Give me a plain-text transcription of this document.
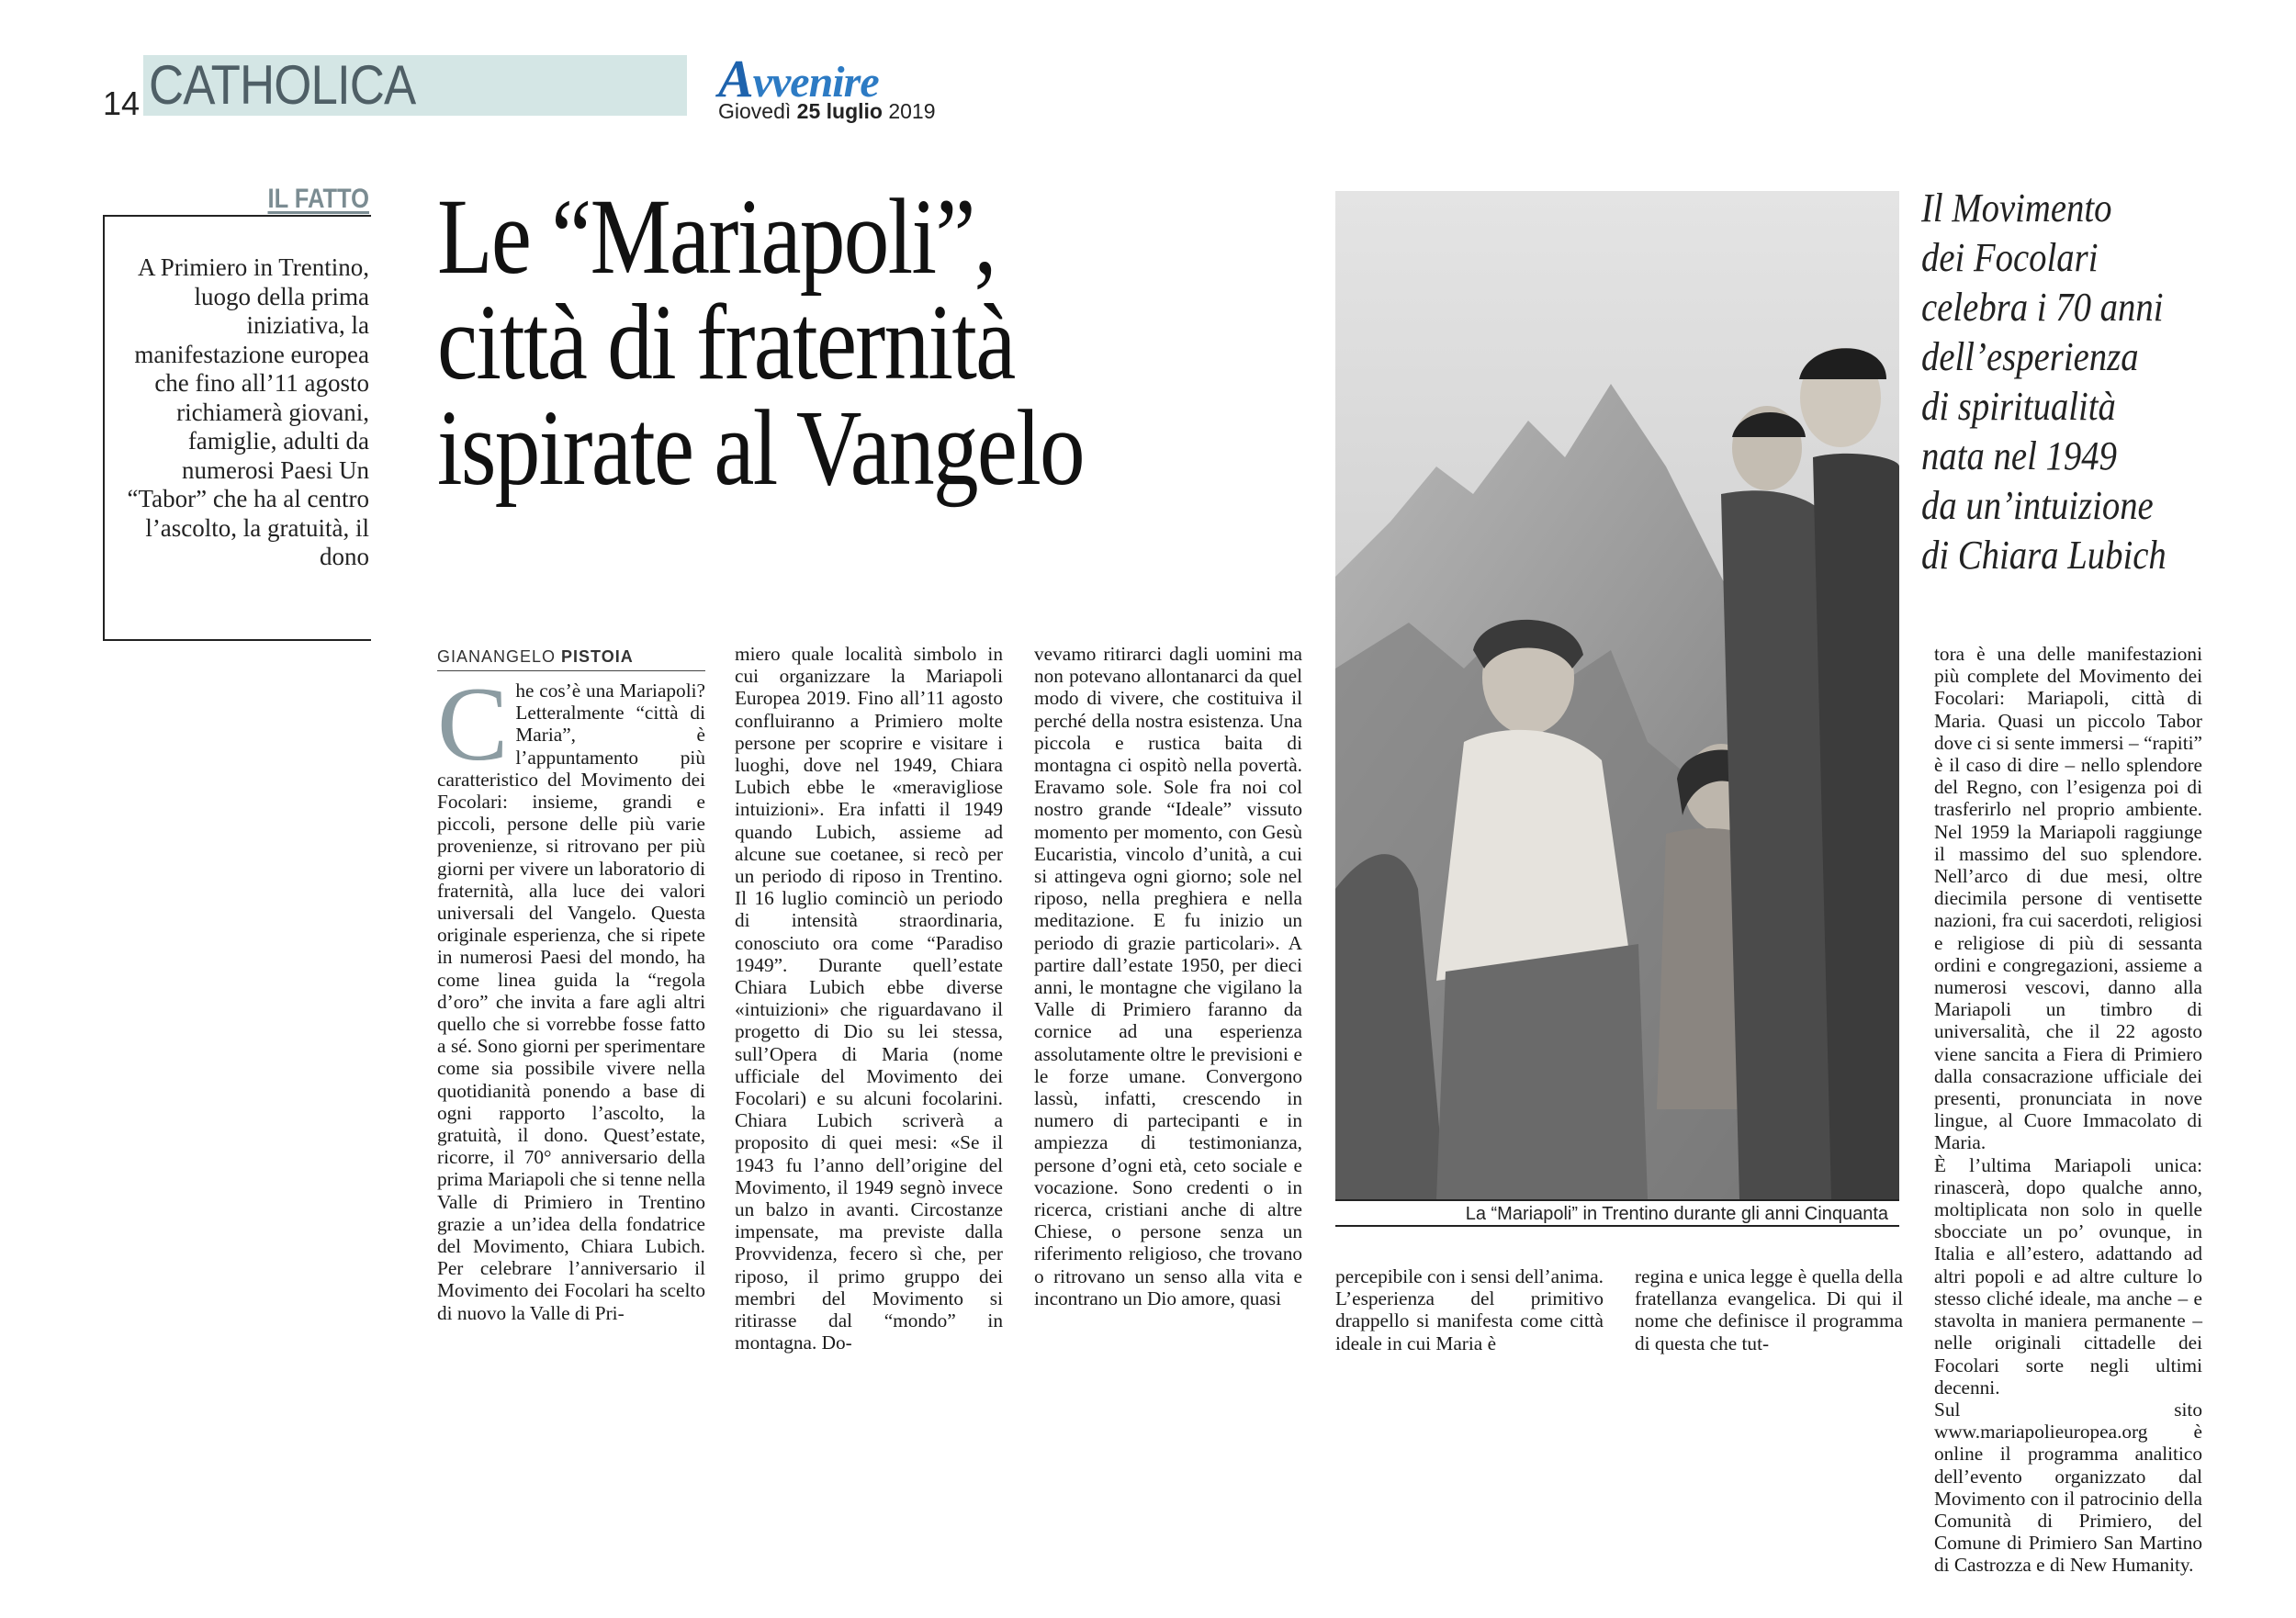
14 CATHOLICA	Avvenire
Giovedì 25 luglio 2019
IL FATTO
A Primiero in Trentino, luogo della prima iniziativa, la manifestazione europea che fino all’11 agosto richiamerà giovani, famiglie, adulti da numerosi Paesi Un “Tabor” che ha al centro l’ascolto, la gratuità, il dono
Le “Mariapoli”,
città di fraternità
ispirate al Vangelo
Il Movimento
dei Focolari
celebra i 70 anni
dell’esperienza
di spiritualità
nata nel 1949
da un’intuizione
di Chiara Lubich
La “Mariapoli” in Trentino durante gli anni Cinquanta
GIANANGELO PISTOIA
Che cos’è una Mariapoli? Letteralmente “città di Maria”, è l’appuntamento più caratteristico del Movimento dei Focolari: insieme, grandi e piccoli, persone delle più varie provenienze, si ritrovano per più giorni per vivere un laboratorio di fraternità, alla luce dei valori universali del Vangelo. Questa originale esperienza, che si ripete in numerosi Paesi del mondo, ha come linea guida la “regola d’oro” che invita a fare agli altri quello che si vorrebbe fosse fatto a sé. Sono giorni per sperimentare come sia possibile vivere nella quotidianità ponendo a base di ogni rapporto l’ascolto, la gratuità, il dono. Quest’estate, ricorre, il 70° anniversario della prima Mariapoli che si tenne nella Valle di Primiero in Trentino grazie a un’idea della fondatrice del Movimento, Chiara Lubich. Per celebrare l’anniversario il Movimento dei Focolari ha scelto di nuovo la Valle di Pri-
miero quale località simbolo in cui organizzare la Mariapoli Europea 2019. Fino all’11 agosto confluiranno a Primiero molte persone per scoprire e visitare i luoghi, dove nel 1949, Chiara Lubich ebbe le «meravigliose intuizioni». Era infatti il 1949 quando Lubich, assieme ad alcune sue coetanee, si recò per un periodo di riposo in Trentino. Il 16 luglio cominciò un periodo di intensità straordinaria, conosciuto ora come “Paradiso 1949”. Durante quell’estate Chiara Lubich ebbe diverse «intuizioni» che riguardavano il progetto di Dio su lei stessa, sull’Opera di Maria (nome ufficiale del Movimento dei Focolari) e su alcuni focolarini. Chiara Lubich scriverà a proposito di quei mesi: «Se il 1943 fu l’anno dell’origine del Movimento, il 1949 segnò invece un balzo in avanti. Circostanze impensate, ma previste dalla Provvidenza, fecero sì che, per riposo, il primo gruppo dei membri del Movimento si ritirasse dal “mondo” in montagna. Do-
vevamo ritirarci dagli uomini ma non potevano allontanarci da quel modo di vivere, che costituiva il perché della nostra esistenza. Una piccola e rustica baita di montagna ci ospitò nella povertà. Eravamo sole. Sole fra noi col nostro grande “Ideale” vissuto momento per momento, con Gesù Eucaristia, vincolo d’unità, a cui si attingeva ogni giorno; sole nel riposo, nella preghiera e nella meditazione. E fu inizio un periodo di grazie particolari». A partire dall’estate 1950, per dieci anni, le montagne che vigilano la Valle di Primiero faranno da cornice ad una esperienza assolutamente oltre le previsioni e le forze umane. Convergono lassù, infatti, crescendo in numero di partecipanti e in ampiezza di testimonianza, persone d’ogni età, ceto sociale e vocazione. Sono credenti o in ricerca, cristiani anche di altre Chiese, o persone senza un riferimento religioso, che trovano o ritrovano un senso alla vita e incontrano un Dio amore, quasi
percepibile con i sensi dell’anima. L’esperienza del primitivo drappello si manifesta come città ideale in cui Maria è
regina e unica legge è quella della fratellanza evangelica. Di qui il nome che definisce il programma di questa che tut-

tora è una delle manifestazioni più complete del Movimento dei Focolari: Mariapoli, città di Maria. Quasi un piccolo Tabor dove ci si sente immersi – “rapiti” è il caso di dire – nello splendore del Regno, con l’esigenza poi di trasferirlo nel proprio ambiente. Nel 1959 la Mariapoli raggiunge il massimo del suo splendore. Nell’arco di due mesi, oltre diecimila persone di ventisette nazioni, fra cui sacerdoti, religiosi e religiose di più di sessanta ordini e congregazioni, assieme a numerosi vescovi, danno alla Mariapoli un timbro di universalità, che il 22 agosto viene sancita a Fiera di Primiero dalla consacrazione ufficiale dei presenti, pronunciata in nove lingue, al Cuore Immacolato di Maria.

È l’ultima Mariapoli unica: rinascerà, dopo qualche anno, moltiplicata non solo in quelle sbocciate un po’ ovunque, in Italia e all’estero, adattando ad altri popoli e ad altre culture lo stesso cliché ideale, ma anche – e stavolta in maniera permanente – nelle originali cittadelle dei Focolari sorte negli ultimi decenni.

Sul sito www.mariapolieuropea.org è online il programma analitico dell’evento organizzato dal Movimento con il patrocinio della Comunità di Primiero, del Comune di Primiero San Martino di Castrozza e di New Humanity.
